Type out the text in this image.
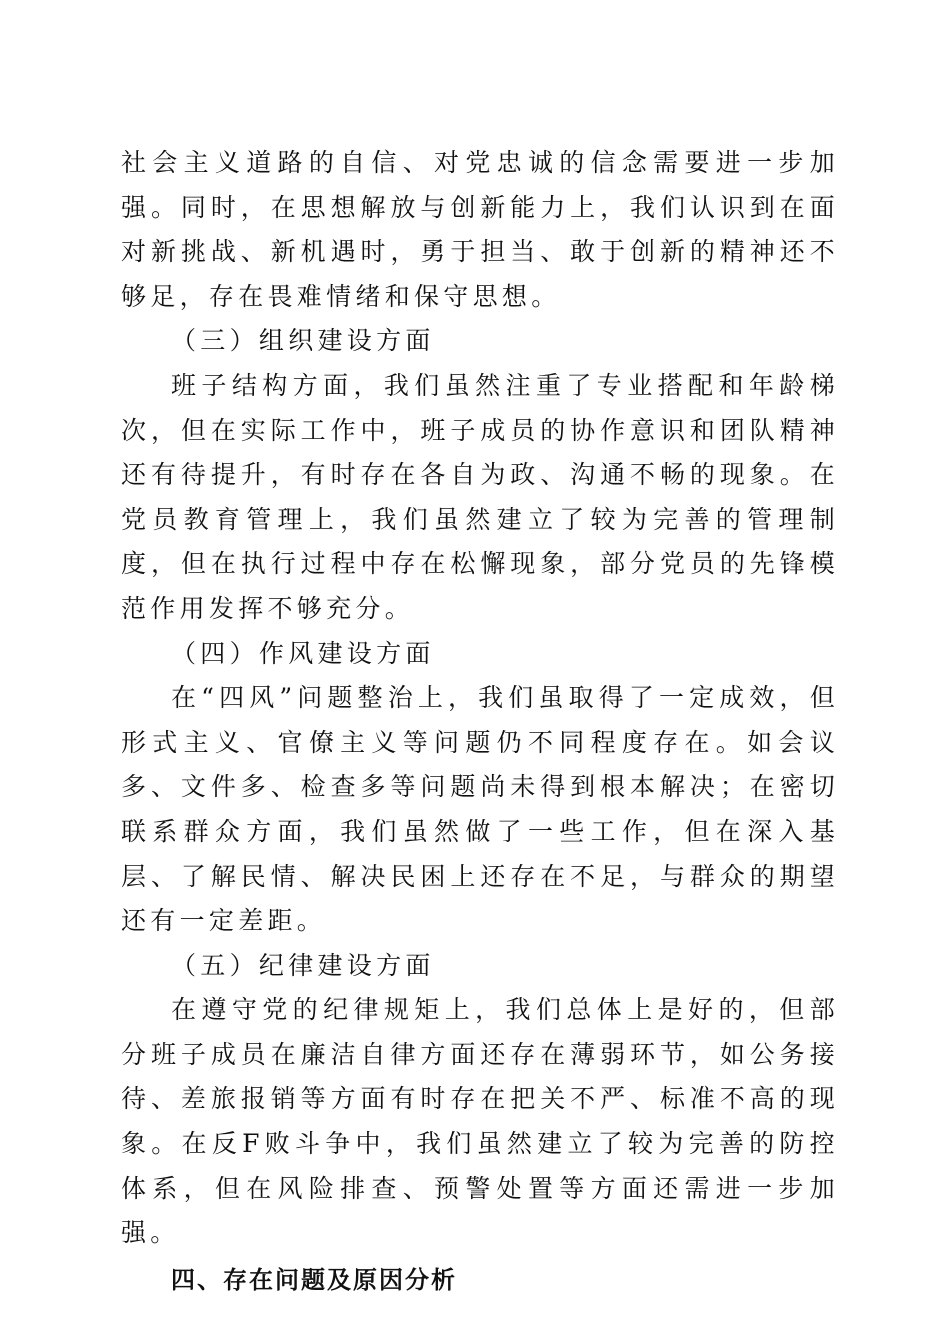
社会主义道路的自信、对党忠诚的信念需要进一步加强。同时，在思想解放与创新能力上，我们认识到在面对新挑战、新机遇时，勇于担当、敢于创新的精神还不够足，存在畏难情绪和保守思想。

（三）组织建设方面

班子结构方面，我们虽然注重了专业搭配和年龄梯次，但在实际工作中，班子成员的协作意识和团队精神还有待提升，有时存在各自为政、沟通不畅的现象。在党员教育管理上，我们虽然建立了较为完善的管理制度，但在执行过程中存在松懈现象，部分党员的先锋模范作用发挥不够充分。

（四）作风建设方面

在“四风”问题整治上，我们虽取得了一定成效，但形式主义、官僚主义等问题仍不同程度存在。如会议多、文件多、检查多等问题尚未得到根本解决；在密切联系群众方面，我们虽然做了一些工作，但在深入基层、了解民情、解决民困上还存在不足，与群众的期望还有一定差距。

（五）纪律建设方面

在遵守党的纪律规矩上，我们总体上是好的，但部分班子成员在廉洁自律方面还存在薄弱环节，如公务接待、差旅报销等方面有时存在把关不严、标准不高的现象。在反F败斗争中，我们虽然建立了较为完善的防控体系，但在风险排查、预警处置等方面还需进一步加强。

四、存在问题及原因分析
